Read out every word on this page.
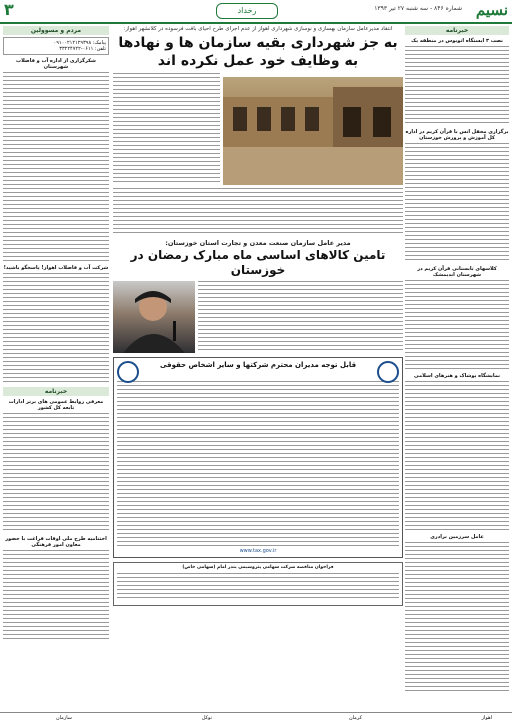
نسیم
شماره ۸۴۶ - سه شنبه ۲۷ تیر ۱۳۹۳
رخداد
۳
خبرنامه
نصب ۳ ایستگاه اتوبوس در منطقه یک
برگزاری محفل انس با قرآن کریم در اداره کل آموزش و پرورش خوزستان
کلاسهای تابستانی قرآن کریم در شهرستان اندیمشک
نمایشگاه پوشاک و هنرهای اسلامی
عامل سرزمین برادری
انتقاد مدیرعامل سازمان بهسازی و نوسازی شهرداری اهواز از عدم اجرای طرح احیای بافت فرسوده در کلانشهر اهواز:
به جز شهرداری بقیه سازمان ها و نهادها به وظایف خود عمل نکرده اند
مدیر عامل سازمان صنعت معدن و تجارت استان خوزستان:
تامین کالاهای اساسی ماه مبارک رمضان در خوزستان
قابل توجه مدیران محترم شرکتها و سایر اشخاص حقوقی
www.tax.gov.ir
فراخوان مناقصه شرکت سهامی پتروشیمی بندر امام (سهامی خاص)
مردم و مسوولین
پیامک: ۰۹۱۰۰۲۱۲۱۲۹۳۹۸
تلفن: ۰۶۱۱-۳۳۲۲۴۷۲۲
شکرگزاری از اداره آب و فاضلاب شهرستان
شرکت آب و فاضلاب اهواز! پاسخگو باشید!
خبرنامه
معرفی روابط عمومی های برتر ادارات تابعه کل کشور
اختتامیه طرح ملی اوقات فراغت با حضور معاون امور فرهنگی
اهواز
کرمان
توکل
سازمان
